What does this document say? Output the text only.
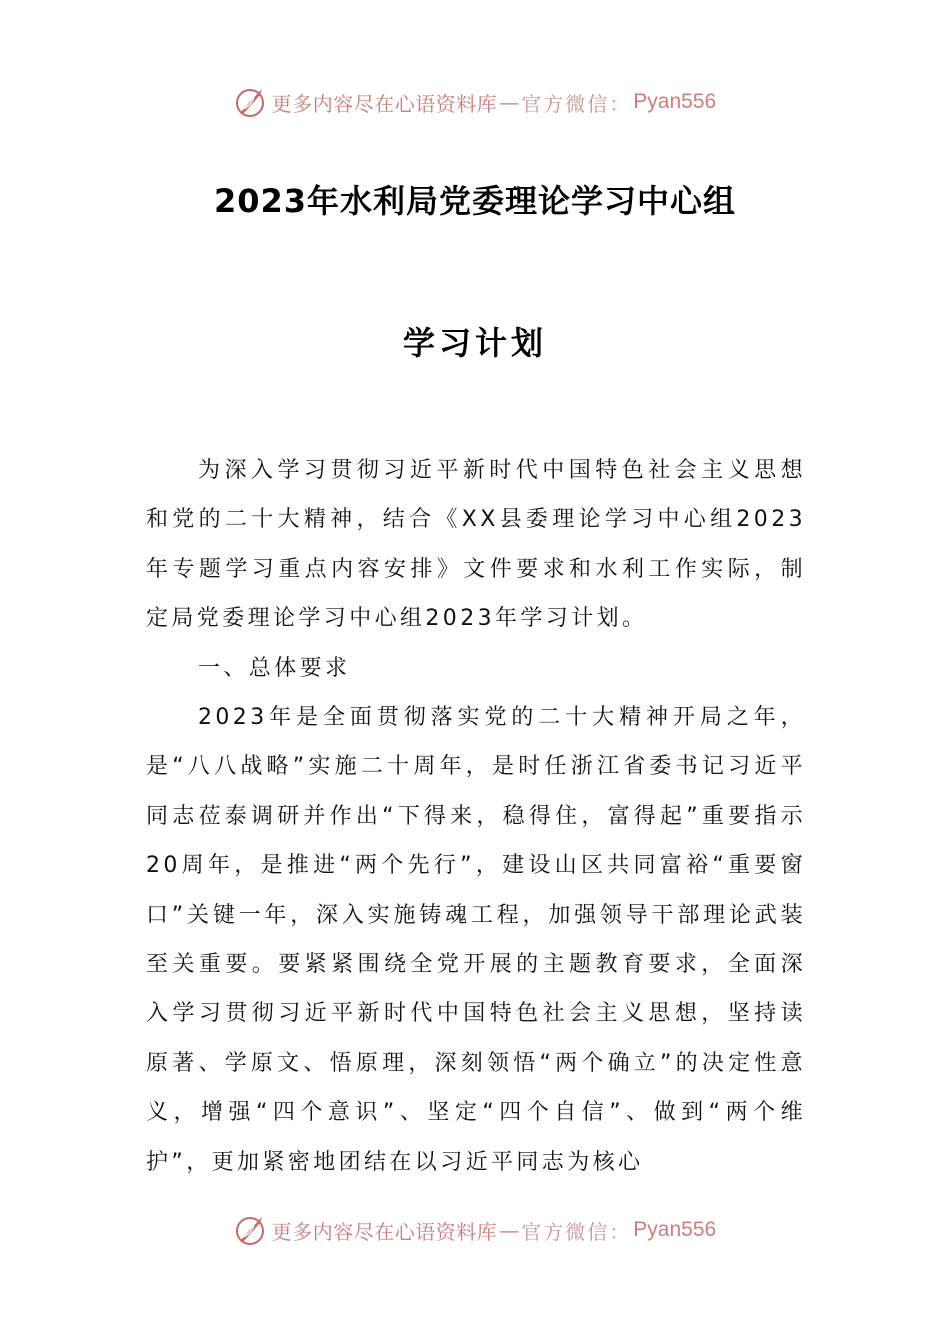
更多内容尽在心语资料库 — 官方微信： Pyan556
2023年水利局党委理论学习中心组
学习计划

为深入学习贯彻习近平新时代中国特色社会主义思想和党的二十大精神，结合《XX县委理论学习中心组2023年专题学习重点内容安排》文件要求和水利工作实际，制定局党委理论学习中心组2023年学习计划。

一、总体要求

2023年是全面贯彻落实党的二十大精神开局之年，是“八八战略”实施二十周年，是时任浙江省委书记习近平同志莅泰调研并作出“下得来，稳得住，富得起”重要指示20周年，是推进“两个先行”，建设山区共同富裕“重要窗口”关键一年，深入实施铸魂工程，加强领导干部理论武装至关重要。要紧紧围绕全党开展的主题教育要求，全面深入学习贯彻习近平新时代中国特色社会主义思想，坚持读原著、学原文、悟原理，深刻领悟“两个确立”的决定性意义，增强“四个意识”、坚定“四个自信”、做到“两个维护”，更加紧密地团结在以习近平同志为核心

更多内容尽在心语资料库 — 官方微信： Pyan556
